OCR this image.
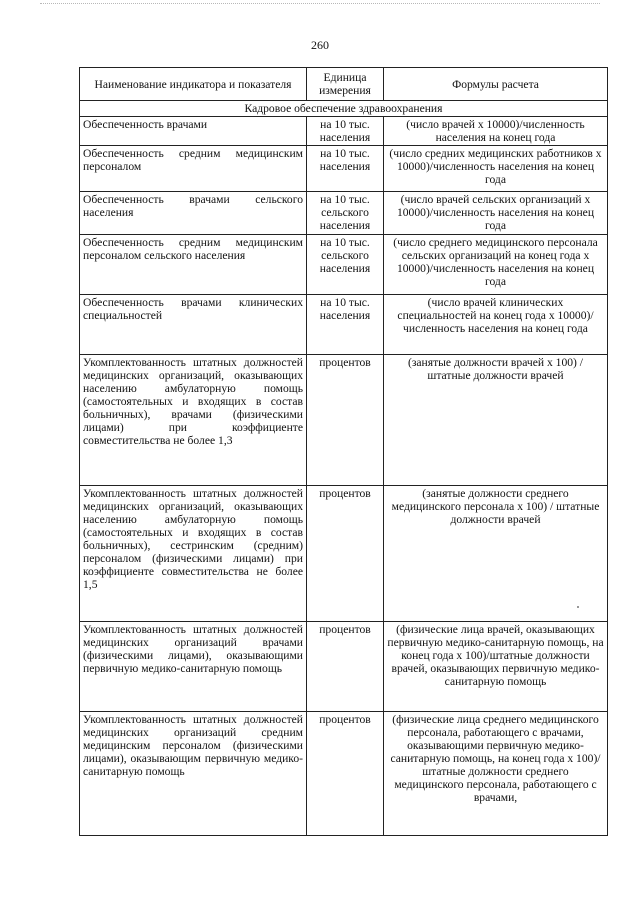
260
Наименование индикатора и показателя	Единица измерения	Формулы расчета
Кадровое обеспечение здравоохранения		
Обеспеченность врачами	на 10 тыс. населения	(число врачей х 10000)/численность населения на конец года
Обеспеченность средним медицинским персоналом	на 10 тыс. населения	(число средних медицинских работников х 10000)/численность населения на конец года
Обеспеченность врачами сельского населения	на 10 тыс. сельского населения	(число врачей сельских организаций х 10000)/численность населения на конец года
Обеспеченность средним медицинским персоналом сельского населения	на 10 тыс. сельского населения	(число среднего медицинского персонала сельских организаций на конец года х 10000)/численность населения на конец года
Обеспеченность врачами клинических специальностей	на 10 тыс. населения	(число врачей клинических специальностей на конец года х 10000)/численность населения на конец года
Укомплектованность штатных должностей медицинских организаций, оказывающих населению амбулаторную помощь (самостоятельных и входящих в состав больничных), врачами (физическими лицами) при коэффициенте совместительства не более 1,3	процентов	(занятые должности врачей х 100) / штатные должности врачей
Укомплектованность штатных должностей медицинских организаций, оказывающих населению амбулаторную помощь (самостоятельных и входящих в состав больничных), сестринским (средним) персоналом (физическими лицами) при коэффициенте совместительства не более 1,5	процентов	(занятые должности среднего медицинского персонала х 100) / штатные должности врачей
Укомплектованность штатных должностей медицинских организаций врачами (физическими лицами), оказывающими первичную медико-санитарную помощь	процентов	(физические лица врачей, оказывающих первичную медико-санитарную помощь, на конец года х 100)/штатные должности врачей, оказывающих первичную медико-санитарную помощь
Укомплектованность штатных должностей медицинских организаций средним медицинским персоналом (физическими лицами), оказывающим первичную медико-санитарную помощь	процентов	(физические лица среднего медицинского персонала, работающего с врачами, оказывающими первичную медико-санитарную помощь, на конец года х 100)/штатные должности среднего медицинского персонала, работающего с врачами,
